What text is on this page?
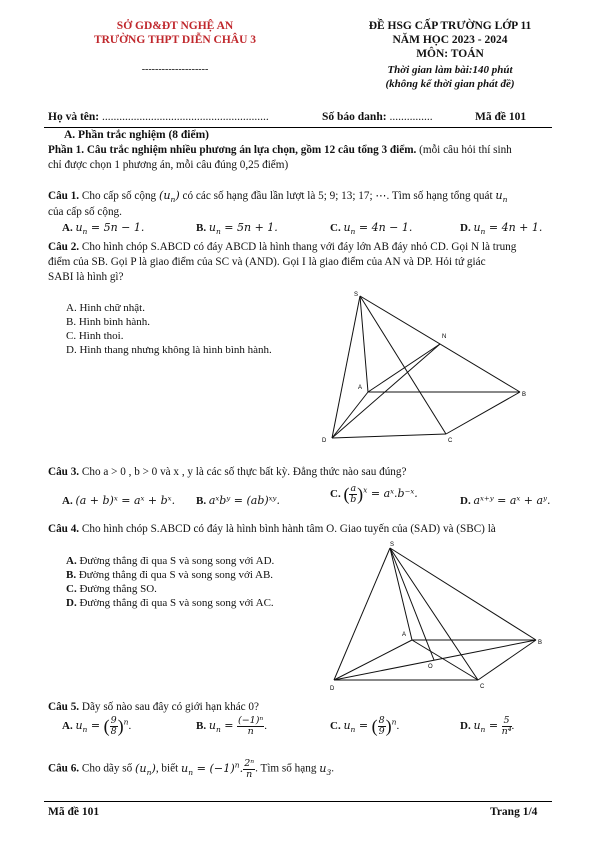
SỞ GD&ĐT NGHỆ AN
TRƯỜNG THPT DIỄN CHÂU 3
--------------------
ĐỀ HSG CẤP TRƯỜNG LỚP 11
NĂM HỌC 2023 - 2024
MÔN: TOÁN
Thời gian làm bài:140 phút
(không kể thời gian phát đề)
Họ và tên: ..........................................................	Số báo danh: ...............	Mã đề 101
A. Phần trắc nghiệm (8 điểm)
Phần 1. Câu trắc nghiệm nhiều phương án lựa chọn, gồm 12 câu tổng 3 điểm. (mỗi câu hỏi thí sinh
chỉ được chọn 1 phương án, mỗi câu đúng 0,25 điểm)
Câu 1. Cho cấp số cộng $(u_n)$ có các số hạng đầu lần lượt là 5; 9; 13; 17; ⋯. Tìm số hạng tổng quát $u_n$
của cấp số cộng.
A. $u_n = 5n - 1$.	B. $u_n = 5n + 1$.	C. $u_n = 4n - 1$.	D. $u_n = 4n + 1$.
Câu 2. Cho hình chóp S.ABCD có đáy ABCD là hình thang với đáy lớn AB đáy nhỏ CD. Gọi N là trung
điểm của SB. Gọi P là giao điểm của SC và (AND). Gọi I là giao điểm của AN và DP. Hỏi tứ giác
SABI là hình gì?
A. Hình chữ nhật.
B. Hình bình hành.
C. Hình thoi.
D. Hình thang nhưng không là hình bình hành.
S
N
A
B
D	C
Câu 3. Cho a > 0 , b > 0 và x , y là các số thực bất kỳ. Đẳng thức nào sau đúng?
A. (a + b)ˣ = aˣ + bˣ. B. aˣbʸ = (ab)ˣʸ.	C. ( $\frac{a}{b} )^x$ = aˣ.b⁻ˣ.
D. aˣ⁺ʸ = aˣ + aʸ.
Câu 4. Cho hình chóp S.ABCD có đáy là hình bình hành tâm O. Giao tuyến của (SAD) và (SBC) là
A. Đường thẳng đi qua S và song song với AD.
B. Đường thẳng đi qua S và song song với AB.
C. Đường thẳng SO.
D. Đường thẳng đi qua S và song song với AC.
S
A
B
O
D	C
Câu 5. Dãy số nào sau đây có giới hạn khác 0?
A. $u_n$ = ( $\frac{9}{8} )^n$.	B. $u_n = \frac{\text{(−1)ⁿ}}{n}$ .	C. $u_n$ = ( $\frac{8}{9} )^n$.	D. $u_n = \frac{5}{\text{n⁴}}$ .
Câu 6. Cho dãy số $(u_n)$, biết $u_n = (-1)^n$. $\frac{\text{2ⁿ}}{n}$ . Tìm số hạng $u_3$.
Mã đề 101	Trang 1/4
